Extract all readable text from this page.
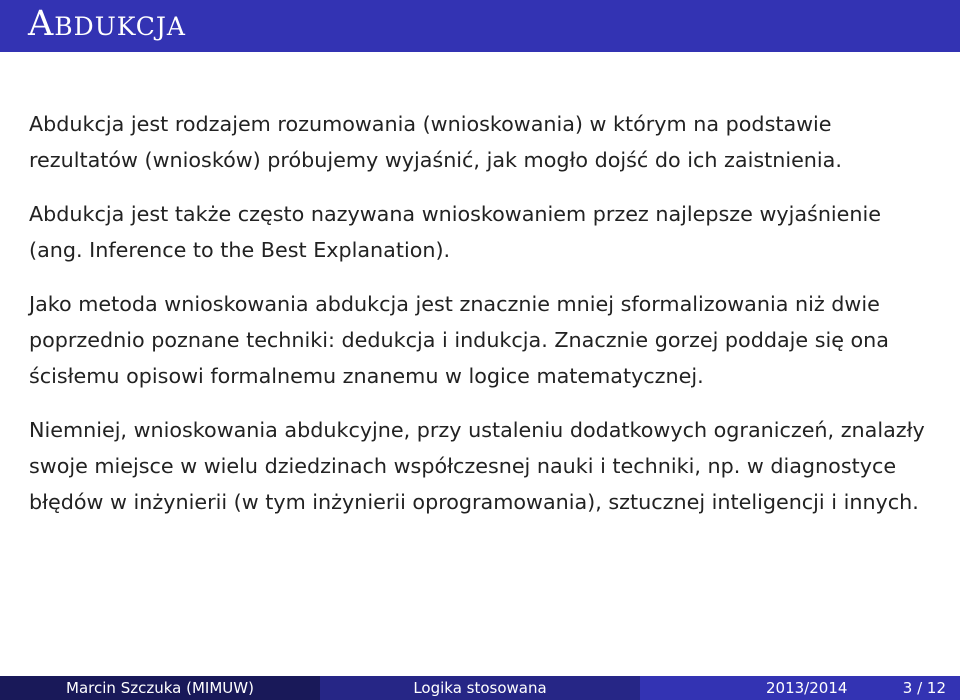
Abdukcja

Abdukcja jest rodzajem rozumowania (wnioskowania) w którym na podstawie rezultatów (wniosków) próbujemy wyjaśnić, jak mogło dojść do ich zaistnienia.

Abdukcja jest także często nazywana wnioskowaniem przez najlepsze wyjaśnienie (ang. Inference to the Best Explanation).

Jako metoda wnioskowania abdukcja jest znacznie mniej sformalizowania niż dwie poprzednio poznane techniki: dedukcja i indukcja. Znacznie gorzej poddaje się ona ścisłemu opisowi formalnemu znanemu w logice matematycznej.

Niemniej, wnioskowania abdukcyjne, przy ustaleniu dodatkowych ograniczeń, znalazły swoje miejsce w wielu dziedzinach współczesnej nauki i techniki, np. w diagnostyce błędów w inżynierii (w tym inżynierii oprogramowania), sztucznej inteligencji i innych.

Marcin Szczuka (MIMUW)	Logika stosowana	2013/2014	3 / 12
